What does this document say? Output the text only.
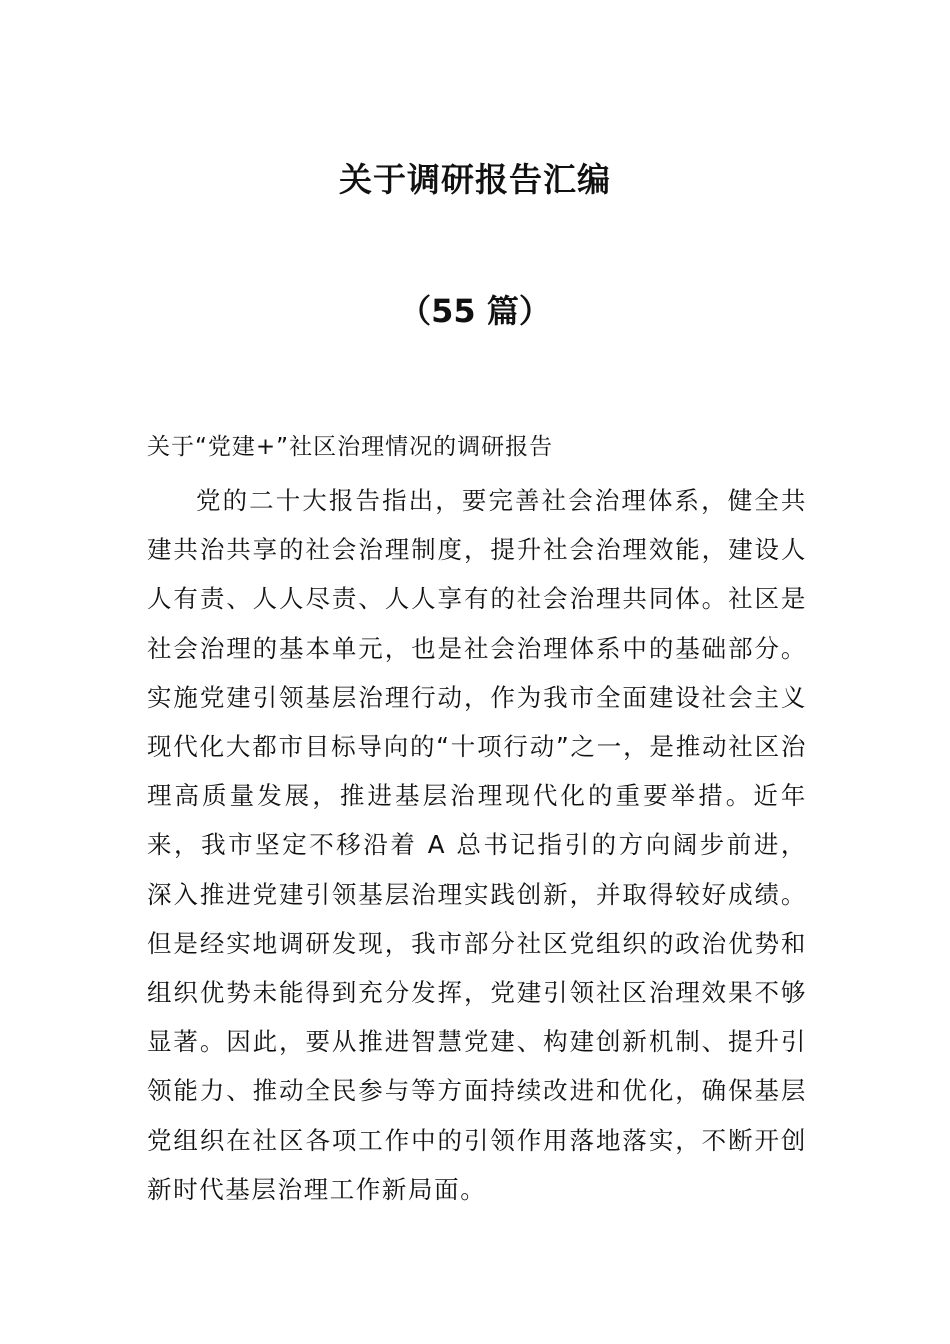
关于调研报告汇编
（55 篇）
关于“党建+”社区治理情况的调研报告

党的二十大报告指出，要完善社会治理体系，健全共建共治共享的社会治理制度，提升社会治理效能，建设人人有责、人人尽责、人人享有的社会治理共同体。社区是社会治理的基本单元，也是社会治理体系中的基础部分。实施党建引领基层治理行动，作为我市全面建设社会主义现代化大都市目标导向的“十项行动”之一，是推动社区治理高质量发展，推进基层治理现代化的重要举措。近年来，我市坚定不移沿着 A 总书记指引的方向阔步前进，深入推进党建引领基层治理实践创新，并取得较好成绩。但是经实地调研发现，我市部分社区党组织的政治优势和组织优势未能得到充分发挥，党建引领社区治理效果不够显著。因此，要从推进智慧党建、构建创新机制、提升引领能力、推动全民参与等方面持续改进和优化，确保基层党组织在社区各项工作中的引领作用落地落实，不断开创新时代基层治理工作新局面。
